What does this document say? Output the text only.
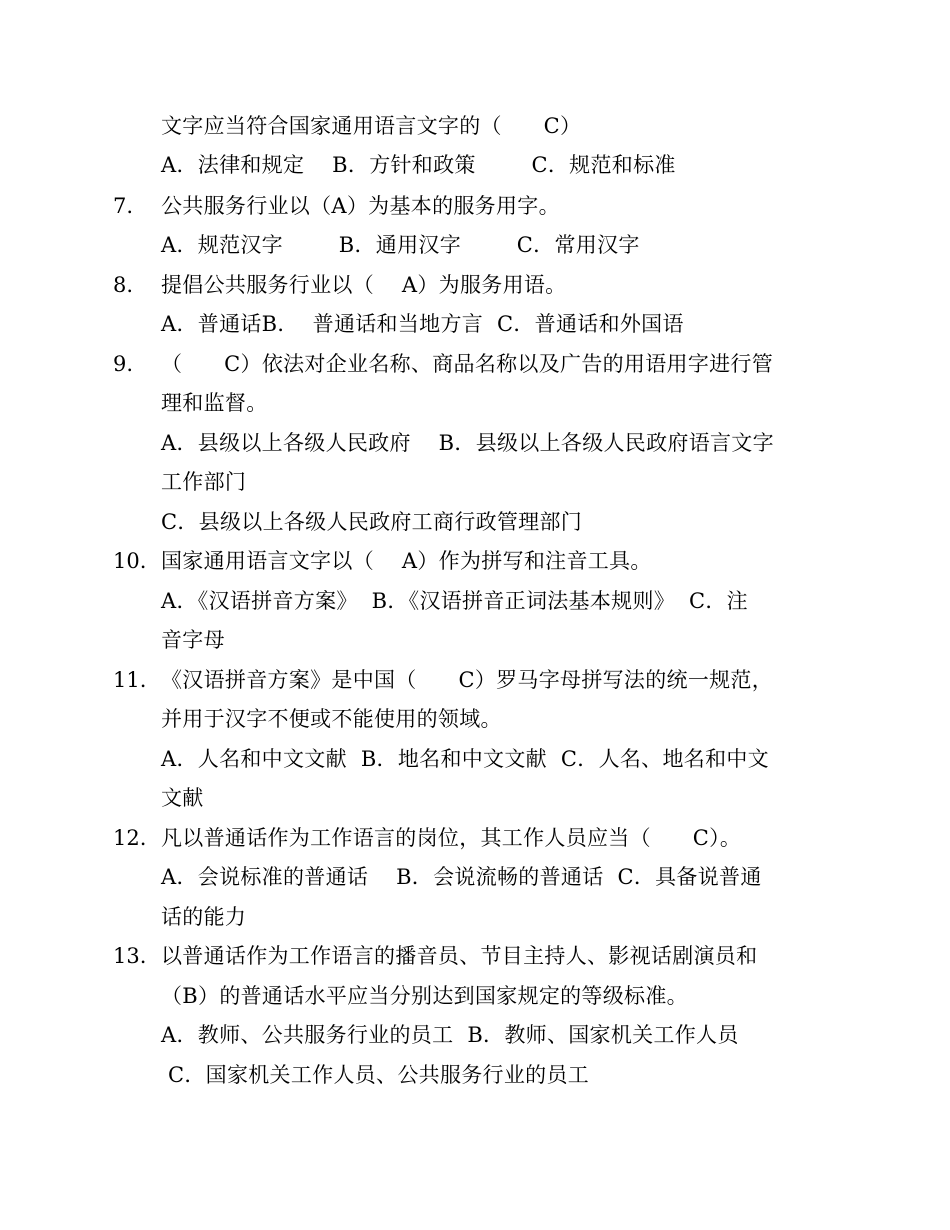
文字应当符合国家通用语言文字的（      C）
A．法律和规定    B．方针和政策        C．规范和标准
7. 公共服务行业以（A）为基本的服务用字。
A．规范汉字        B．通用汉字        C．常用汉字
8. 提倡公共服务行业以（    A）为服务用语。
A．普通话B．  普通话和当地方言  C．普通话和外国语
9. （      C）依法对企业名称、商品名称以及广告的用语用字进行管
理和监督。
A．县级以上各级人民政府    B．县级以上各级人民政府语言文字
工作部门
C．县级以上各级人民政府工商行政管理部门
10. 国家通用语言文字以（    A）作为拼写和注音工具。
A．《汉语拼音方案》  B．《汉语拼音正词法基本规则》  C．注
音字母
11. 《汉语拼音方案》是中国（      C）罗马字母拼写法的统一规范，
并用于汉字不便或不能使用的领域。
A．人名和中文文献  B．地名和中文文献  C．人名、地名和中文
文献
12. 凡以普通话作为工作语言的岗位，其工作人员应当（      C）。
A．会说标准的普通话    B．会说流畅的普通话  C．具备说普通
话的能力
13. 以普通话作为工作语言的播音员、节目主持人、影视话剧演员和
（B）的普通话水平应当分别达到国家规定的等级标准。
A．教师、公共服务行业的员工  B．教师、国家机关工作人员
C．国家机关工作人员、公共服务行业的员工
